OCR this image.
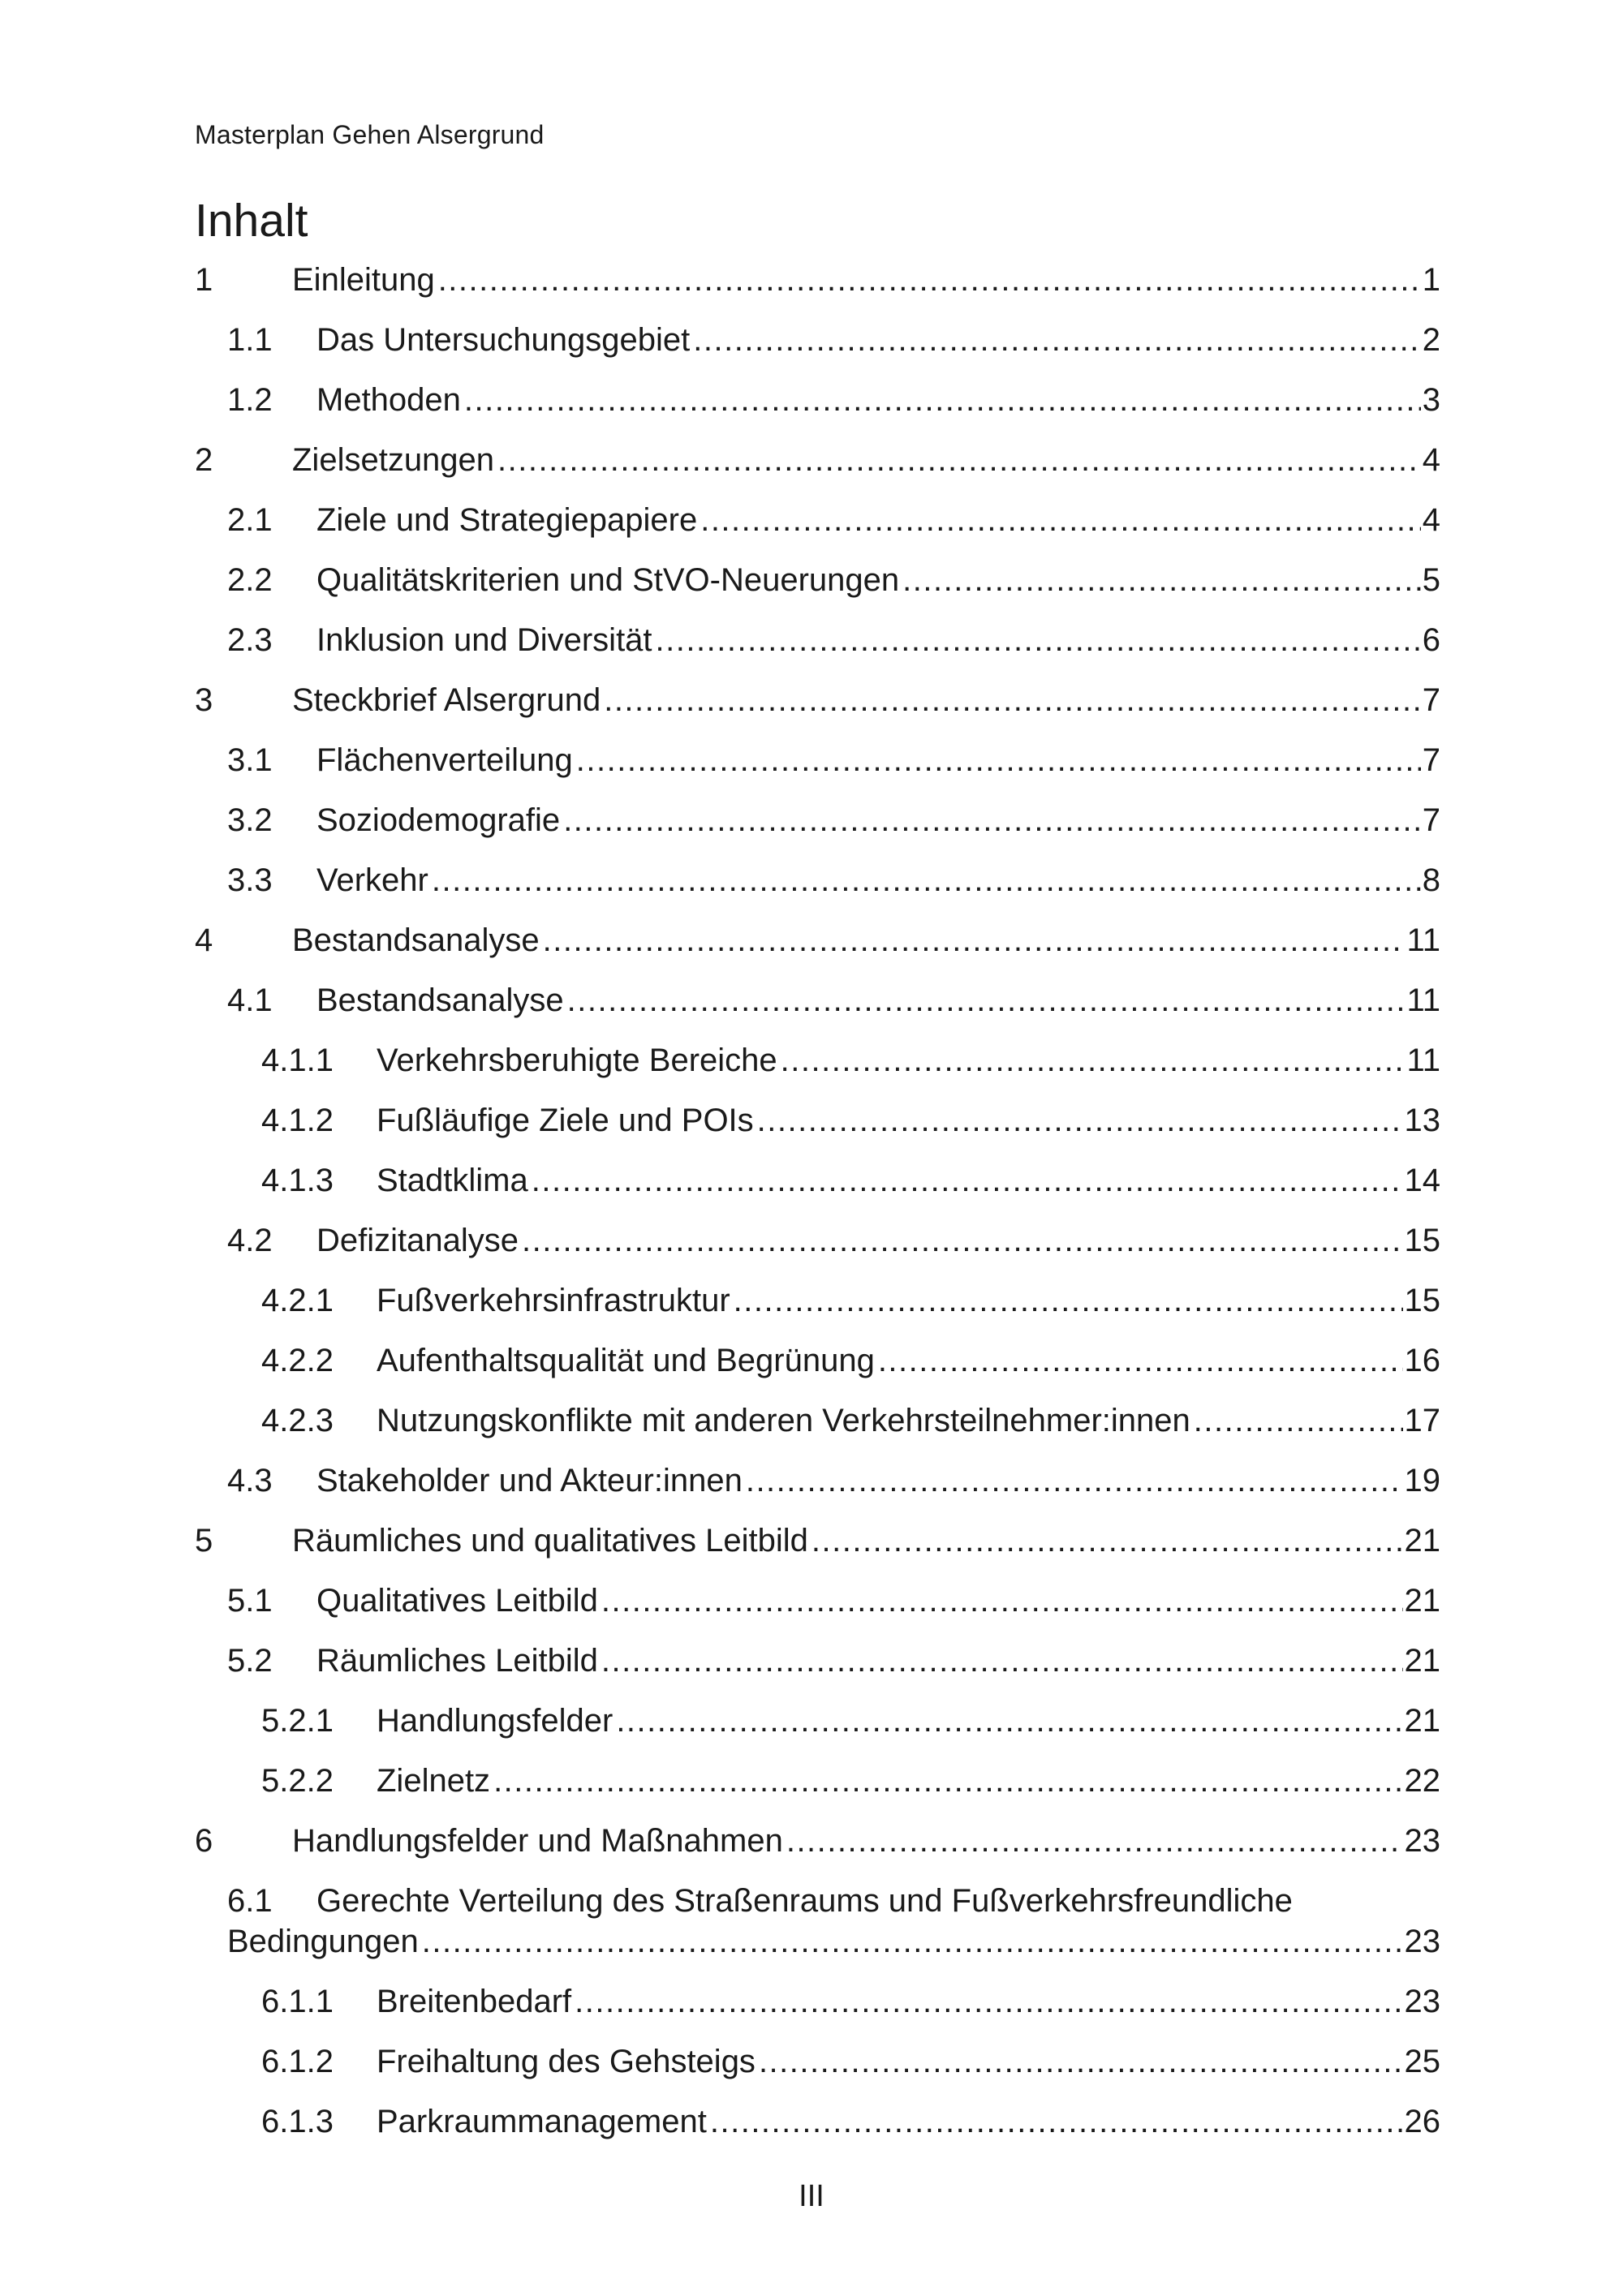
Masterplan Gehen Alsergrund
Inhalt
1	Einleitung .....	1
1.1	Das Untersuchungsgebiet .....	2
1.2	Methoden .....	3
2	Zielsetzungen .....	4
2.1	Ziele und Strategiepapiere .....	4
2.2	Qualitätskriterien und StVO-Neuerungen .....	5
2.3	Inklusion und Diversität .....	6
3	Steckbrief Alsergrund .....	7
3.1	Flächenverteilung .....	7
3.2	Soziodemografie .....	7
3.3	Verkehr .....	8
4	Bestandsanalyse .....	11
4.1	Bestandsanalyse .....	11
4.1.1	Verkehrsberuhigte Bereiche .....	11
4.1.2	Fußläufige Ziele und POIs .....	13
4.1.3	Stadtklima .....	14
4.2	Defizitanalyse .....	15
4.2.1	Fußverkehrsinfrastruktur .....	15
4.2.2	Aufenthaltsqualität und Begrünung .....	16
4.2.3	Nutzungskonflikte mit anderen Verkehrsteilnehmer:innen .....	17
4.3	Stakeholder und Akteur:innen .....	19
5	Räumliches und qualitatives Leitbild .....	21
5.1	Qualitatives Leitbild .....	21
5.2	Räumliches Leitbild .....	21
5.2.1	Handlungsfelder .....	21
5.2.2	Zielnetz .....	22
6	Handlungsfelder und Maßnahmen .....	23
6.1 Gerechte Verteilung des Straßenraums und Fußverkehrsfreundliche
Bedingungen .....	23
6.1.1	Breitenbedarf .....	23
6.1.2	Freihaltung des Gehsteigs .....	25
6.1.3	Parkraummanagement .....	26
III
